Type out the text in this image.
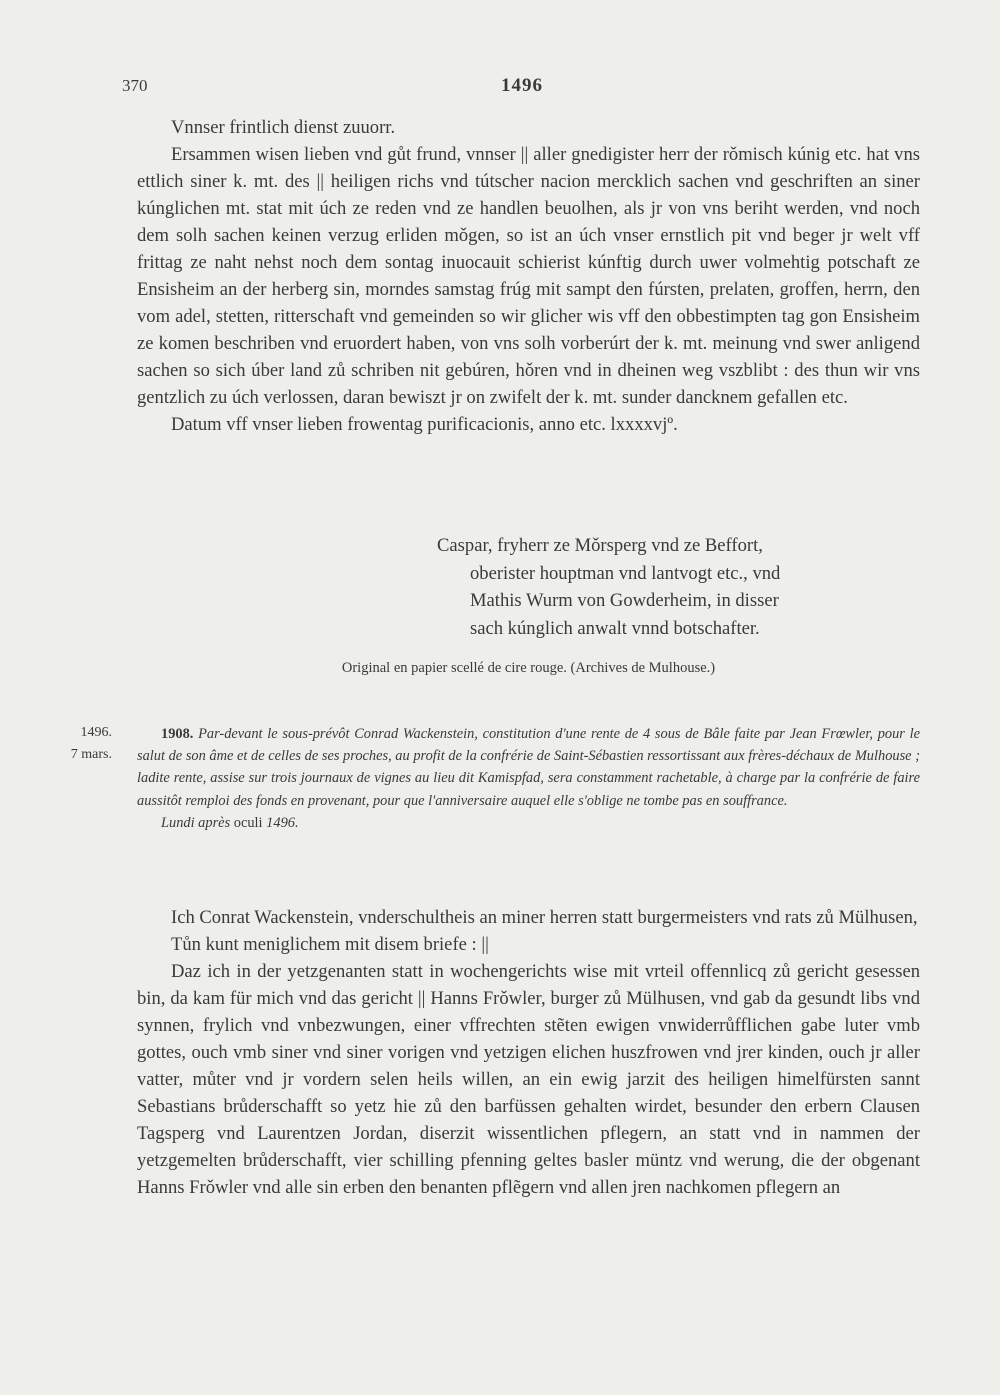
370	1496

Vnnser frintlich dienst zuuorr.

Ersammen wisen lieben vnd gůt frund, vnnser || aller gnedigister herr der rǒmisch kúnig etc. hat vns ettlich siner k. mt. des || heiligen richs vnd tútscher nacion mercklich sachen vnd geschriften an siner kúnglichen mt. stat mit úch ze reden vnd ze handlen beuolhen, als jr von vns beriht werden, vnd noch dem solh sachen keinen verzug erliden mǒgen, so ist an úch vnser ernstlich pit vnd beger jr welt vff frittag ze naht nehst noch dem sontag inuocauit schierist kúnftig durch uwer volmehtig potschaft ze Ensisheim an der herberg sin, morndes samstag frúg mit sampt den fúrsten, prelaten, groffen, herrn, den vom adel, stetten, ritterschaft vnd gemeinden so wir glicher wis vff den obbestimpten tag gon Ensisheim ze komen beschriben vnd eruordert haben, von vns solh vorberúrt der k. mt. meinung vnd swer anligend sachen so sich úber land zů schriben nit gebúren, hǒren vnd in dheinen weg vszblibt : des thun wir vns gentzlich zu úch verlossen, daran bewiszt jr on zwifelt der k. mt. sunder dancknem gefallen etc.

Datum vff vnser lieben frowentag purificacionis, anno etc. lxxxxvjº.

Caspar, fryherr ze Mǒrsperg vnd ze Beffort,
oberister houptman vnd lantvogt etc., vnd
Mathis Wurm von Gowderheim, in disser
sach kúnglich anwalt vnnd botschafter.
Original en papier scellé de cire rouge. (Archives de Mulhouse.)
1496.
7 mars.

1908. Par-devant le sous-prévôt Conrad Wackenstein, constitution d'une rente de 4 sous de Bâle faite par Jean Frœwler, pour le salut de son âme et de celles de ses proches, au profit de la confrérie de Saint-Sébastien ressortissant aux frères-déchaux de Mulhouse ; ladite rente, assise sur trois journaux de vignes au lieu dit Kamispfad, sera constamment rachetable, à charge par la confrérie de faire aussitôt remploi des fonds en provenant, pour que l'anniversaire auquel elle s'oblige ne tombe pas en souffrance.

Lundi après oculi 1496.

Ich Conrat Wackenstein, vnderschultheis an miner herren statt burgermeisters vnd rats zů Mülhusen,

Tůn kunt meniglichem mit disem briefe : ||

Daz ich in der yetzgenanten statt in wochengerichts wise mit vrteil offennlicq zů gericht gesessen bin, da kam für mich vnd das gericht || Hanns Frǒwler, burger zů Mülhusen, vnd gab da gesundt libs vnd synnen, frylich vnd vnbezwungen, einer vffrechten stẽten ewigen vnwiderrůfflichen gabe luter vmb gottes, ouch vmb siner vnd siner vorigen vnd yetzigen elichen huszfrowen vnd jrer kinden, ouch jr aller vatter, můter vnd jr vordern selen heils willen, an ein ewig jarzit des heiligen himelfürsten sannt Sebastians brůderschafft so yetz hie zů den barfüssen gehalten wirdet, besunder den erbern Clausen Tagsperg vnd Laurentzen Jordan, diserzit wissentlichen pflegern, an statt vnd in nammen der yetzgemelten brůderschafft, vier schilling pfenning geltes basler müntz vnd werung, die der obgenant Hanns Frǒwler vnd alle sin erben den benanten pflẽgern vnd allen jren nachkomen pflegern an
